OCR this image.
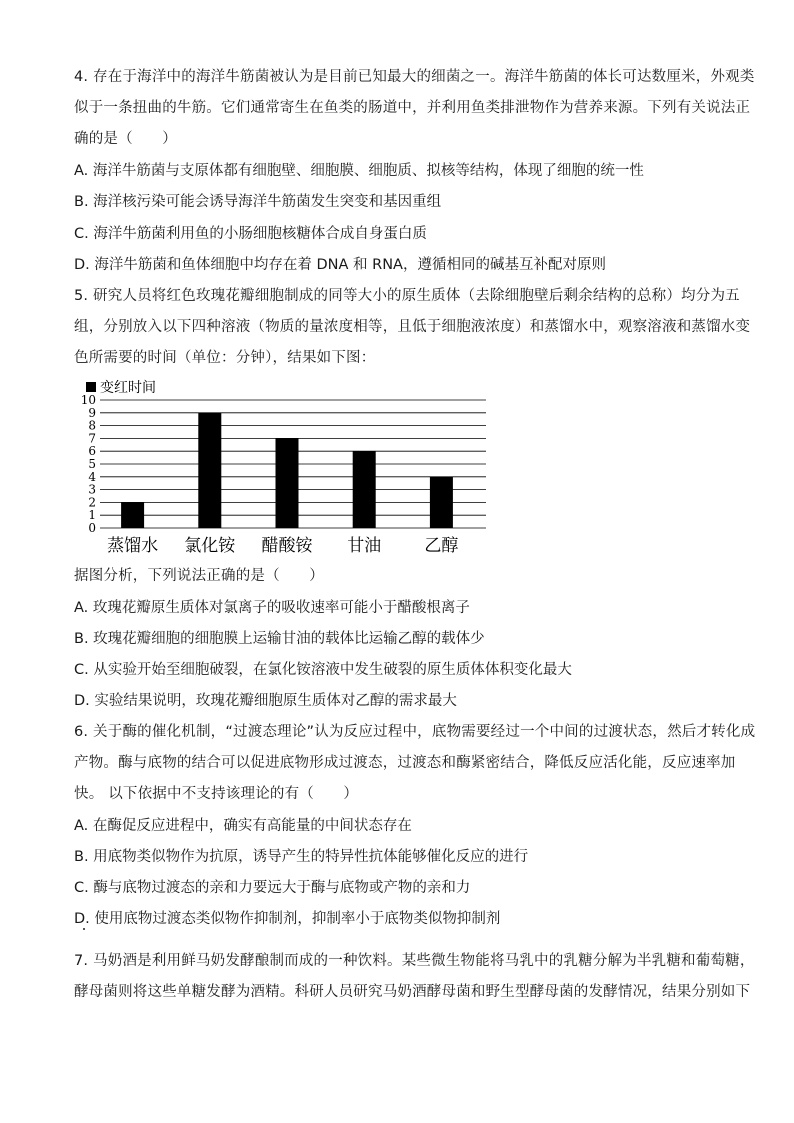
4. 存在于海洋中的海洋牛筋菌被认为是目前已知最大的细菌之一。海洋牛筋菌的体长可达数厘米，外观类
似于一条扭曲的牛筋。它们通常寄生在鱼类的肠道中，并利用鱼类排泄物作为营养来源。下列有关说法正
确的是（　　）
A. 海洋牛筋菌与支原体都有细胞壁、细胞膜、细胞质、拟核等结构，体现了细胞的统一性
B. 海洋核污染可能会诱导海洋牛筋菌发生突变和基因重组
C. 海洋牛筋菌利用鱼的小肠细胞核糖体合成自身蛋白质
D. 海洋牛筋菌和鱼体细胞中均存在着 DNA 和 RNA，遵循相同的碱基互补配对原则
5. 研究人员将红色玫瑰花瓣细胞制成的同等大小的原生质体（去除细胞壁后剩余结构的总称）均分为五
组，分别放入以下四种溶液（物质的量浓度相等，且低于细胞液浓度）和蒸馏水中，观察溶液和蒸馏水变
色所需要的时间（单位：分钟），结果如下图：
变红时间
0
1
2
3
4
5
6
7
8
9
10
蒸馏水 氯化铵 醋酸铵 甘油	乙醇
据图分析，下列说法正确的是（　　）
A. 玫瑰花瓣原生质体对氯离子的吸收速率可能小于醋酸根离子
B. 玫瑰花瓣细胞的细胞膜上运输甘油的载体比运输乙醇的载体少
C. 从实验开始至细胞破裂，在氯化铵溶液中发生破裂的原生质体体积变化最大
D. 实验结果说明，玫瑰花瓣细胞原生质体对乙醇的需求最大
6. 关于酶的催化机制，“过渡态理论”认为反应过程中，底物需要经过一个中间的过渡状态，然后才转化成
产物。酶与底物的结合可以促进底物形成过渡态，过渡态和酶紧密结合，降低反应活化能，反应速率加
快。 以下依据中不支持该理论的有（　　）
A. 在酶促反应进程中，确实有高能量的中间状态存在
B. 用底物类似物作为抗原，诱导产生的特异性抗体能够催化反应的进行
C. 酶与底物过渡态的亲和力要远大于酶与底物或产物的亲和力
D. 使用底物过渡态类似物作抑制剂，抑制率小于底物类似物抑制剂
7. 马奶酒是利用鲜马奶发酵酿制而成的一种饮料。某些微生物能将马乳中的乳糖分解为半乳糖和葡萄糖，
酵母菌则将这些单糖发酵为酒精。科研人员研究马奶酒酵母菌和野生型酵母菌的发酵情况，结果分别如下
